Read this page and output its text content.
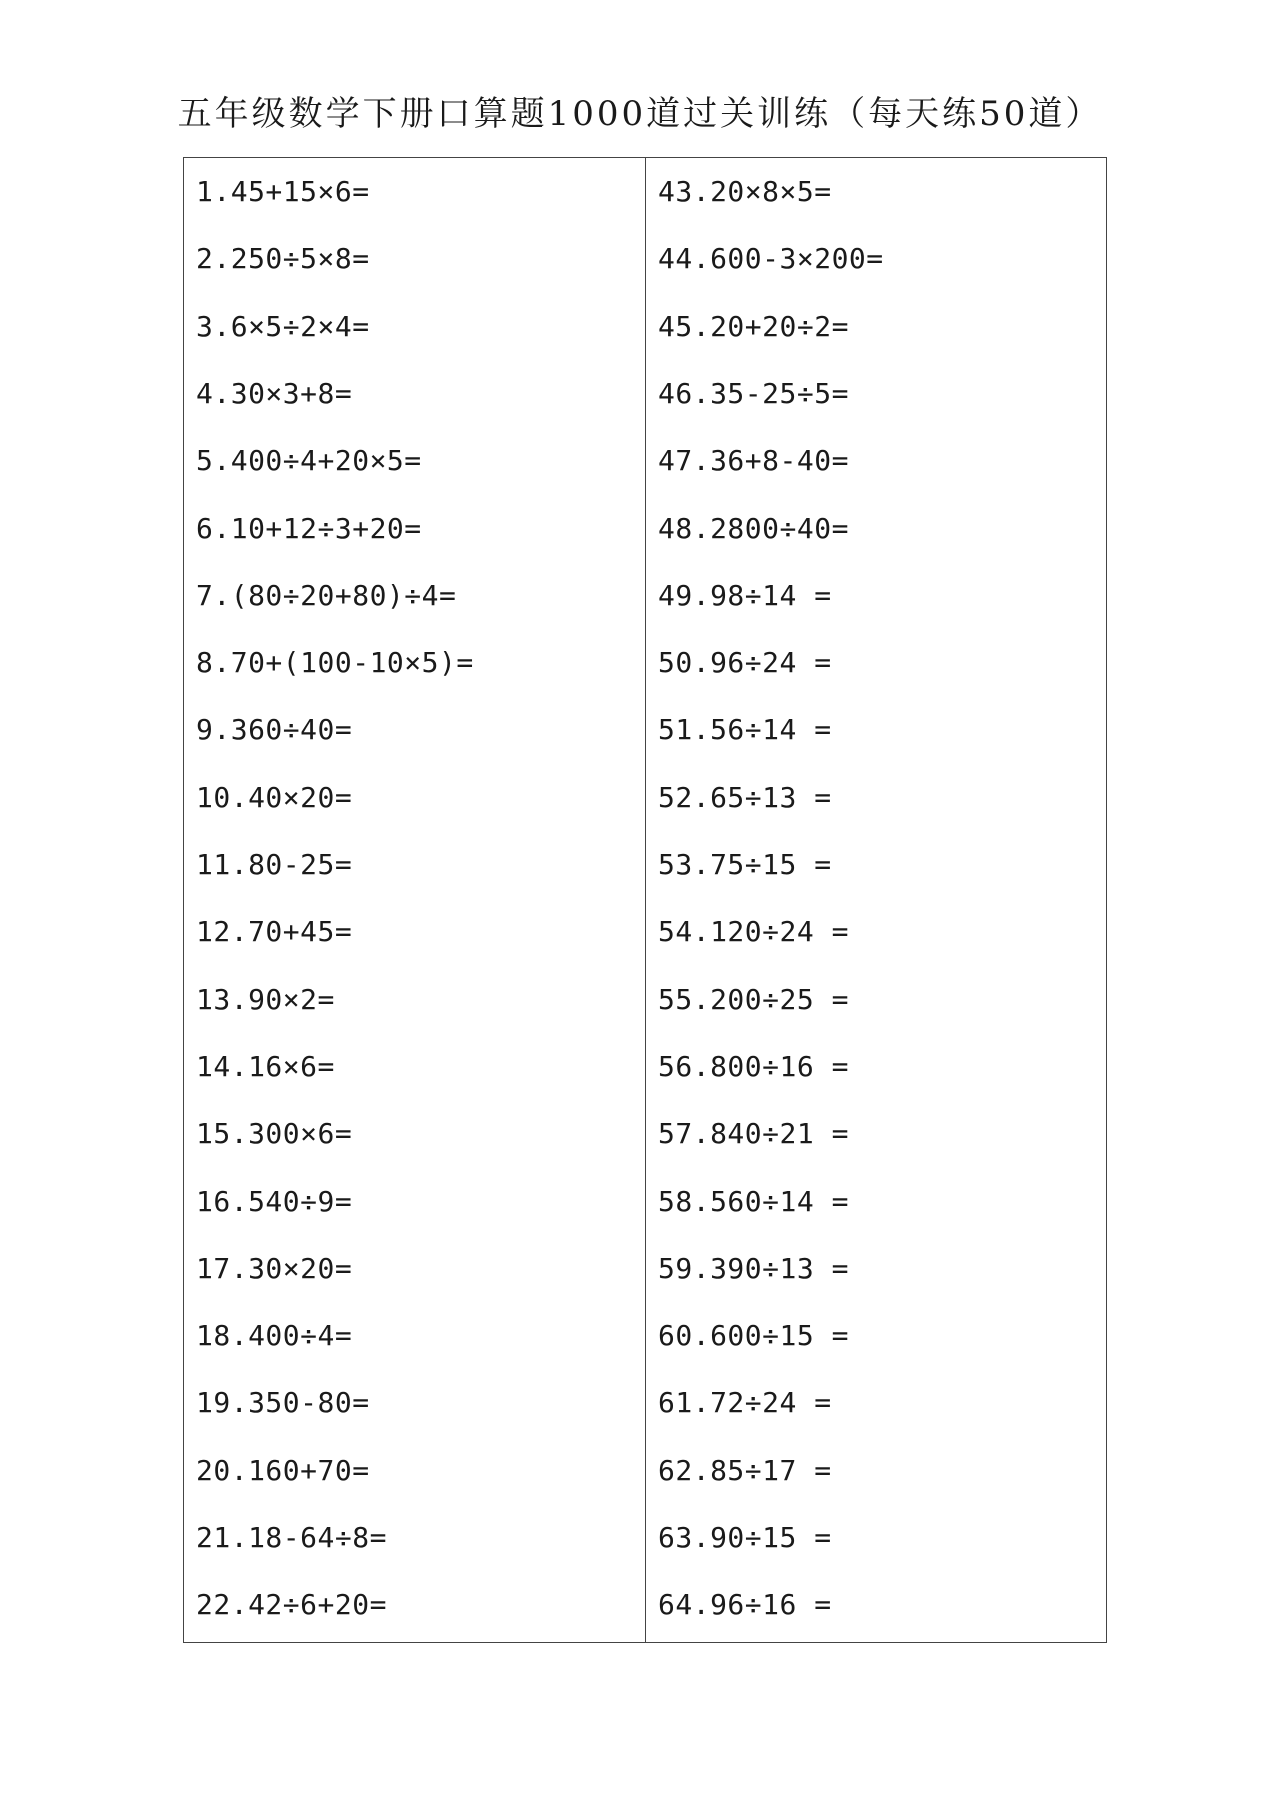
五年级数学下册口算题1000道过关训练（每天练50道）
1.45+15×6=
2.250÷5×8=
3.6×5÷2×4=
4.30×3+8=
5.400÷4+20×5=
6.10+12÷3+20=
7.(80÷20+80)÷4=
8.70+(100-10×5)=
9.360÷40=
10.40×20=
11.80-25=
12.70+45=
13.90×2=
14.16×6=
15.300×6=
16.540÷9=
17.30×20=
18.400÷4=
19.350-80=
20.160+70=
21.18-64÷8=
22.42÷6+20=
43.20×8×5=
44.600-3×200=
45.20+20÷2=
46.35-25÷5=
47.36+8-40=
48.2800÷40=
49.98÷14 =
50.96÷24 =
51.56÷14 =
52.65÷13 =
53.75÷15 =
54.120÷24 =
55.200÷25 =
56.800÷16 =
57.840÷21 =
58.560÷14 =
59.390÷13 =
60.600÷15 =
61.72÷24 =
62.85÷17 =
63.90÷15 =
64.96÷16 =
